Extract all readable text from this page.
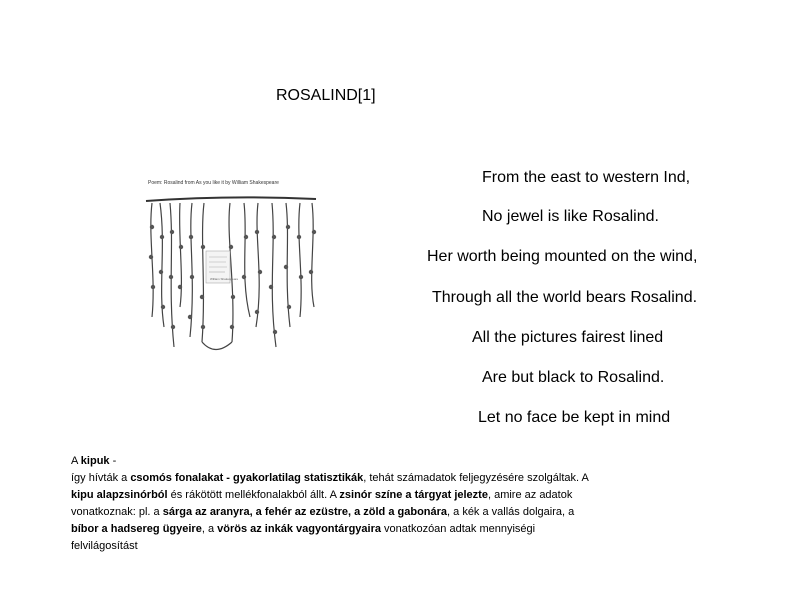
ROSALIND[1]
William Shakespeare
Poem: Rosalind from As you like it by William Shakespeare	From the east to western Ind,
No jewel is like Rosalind.
Her worth being mounted on the wind,
Through all the world bears Rosalind.
All the pictures fairest lined
Are but black to Rosalind.
Let no face be kept in mind
A kipuk -
így hívták a csomós fonalakat - gyakorlatilag statisztikák, tehát számadatok feljegyzésére szolgáltak. A kipu alapzsinórból és rákötött mellékfonalakból állt. A zsinór színe a tárgyat jelezte, amire az adatok vonatkoznak: pl. a sárga az aranyra, a fehér az ezüstre, a zöld a gabonára, a kék a vallás dolgaira, a bíbor a hadsereg ügyeire, a vörös az inkák vagyontárgyaira vonatkozóan adtak mennyiségi felvilágosítást
